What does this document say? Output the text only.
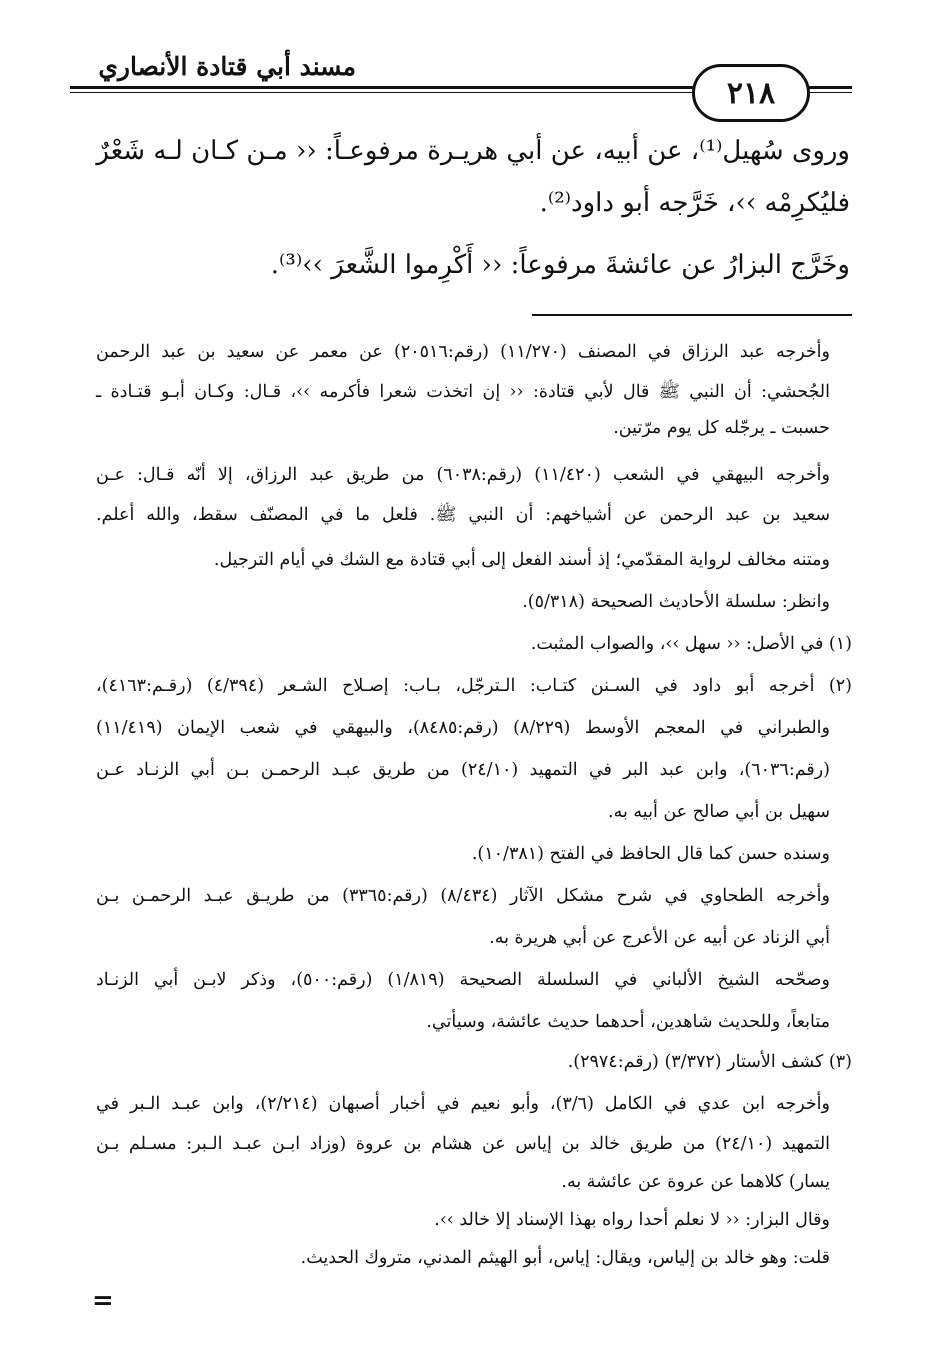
مسند أبي قتادة الأنصاري
٢١٨
وروى سُهيل⁽¹⁾، عن أبيه، عن أبي هريـرة مرفوعـاً: ‹‹ مـن كـان لـه شَعْرٌ
فليُكرِمْه ››، خَرَّجه أبو داود⁽²⁾.
وخَرَّج البزارُ عن عائشةَ مرفوعاً: ‹‹ أَكْرِموا الشَّعرَ ››⁽³⁾.
وأخرجه عبد الرزاق في المصنف (١١/٢٧٠) (رقم:٢٠٥١٦) عن معمر عن سعيد بن عبد الرحمن
الجُحشي: أن النبي ﷺ قال لأبي قتادة: ‹‹ إن اتخذت شعرا فأكرمه ››، قـال: وكـان أبـو قتـادة ـ
حسبت ـ يرجّله كل يوم مرّتين.
وأخرجه البيهقي في الشعب (١١/٤٢٠) (رقم:٦٠٣٨) من طريق عبد الرزاق، إلا أنّه قـال: عـن
سعيد بن عبد الرحمن عن أشياخهم: أن النبي ﷺ. فلعل ما في المصنّف سقط، والله أعلم.
ومتنه مخالف لرواية المقدّمي؛ إذ أسند الفعل إلى أبي قتادة مع الشك في أيام الترجيل.
وانظر: سلسلة الأحاديث الصحيحة (٥/٣١٨).
(١) في الأصل: ‹‹ سهل ››، والصواب المثبت.
(٢) أخرجه أبو داود في السـنن كتـاب: الـترجّل، بـاب: إصـلاح الشـعر (٤/٣٩٤) (رقـم:٤١٦٣)،
والطبراني في المعجم الأوسط (٨/٢٢٩) (رقم:٨٤٨٥)، والبيهقي في شعب الإيمان (١١/٤١٩)
(رقم:٦٠٣٦)، وابن عبد البر في التمهيد (٢٤/١٠) من طريق عبـد الرحمـن بـن أبي الزنـاد عـن
سهيل بن أبي صالح عن أبيه به.
وسنده حسن كما قال الحافظ في الفتح (١٠/٣٨١).
وأخرجه الطحاوي في شرح مشكل الآثار (٨/٤٣٤) (رقم:٣٣٦٥) من طريـق عبـد الرحمـن بـن
أبي الزناد عن أبيه عن الأعرج عن أبي هريرة به.
وصحّحه الشيخ الألباني في السلسلة الصحيحة (١/٨١٩) (رقم:٥٠٠)، وذكر لابـن أبي الزنـاد
متابعاً، وللحديث شاهدين، أحدهما حديث عائشة، وسيأتي.
(٣) كشف الأستار (٣/٣٧٢) (رقم:٢٩٧٤).
وأخرجه ابن عدي في الكامل (٣/٦)، وأبو نعيم في أخبار أصبهان (٢/٢١٤)، وابن عبـد الـبر في
التمهيد (٢٤/١٠) من طريق خالد بن إياس عن هشام بن عروة (وزاد ابـن عبـد الـبر: مسـلم بـن
يسار) كلاهما عن عروة عن عائشة به.
وقال البزار: ‹‹ لا نعلم أحدا رواه بهذا الإسناد إلا خالد ››.
قلت: وهو خالد بن إلياس، ويقال: إياس، أبو الهيثم المدني، متروك الحديث.
=
